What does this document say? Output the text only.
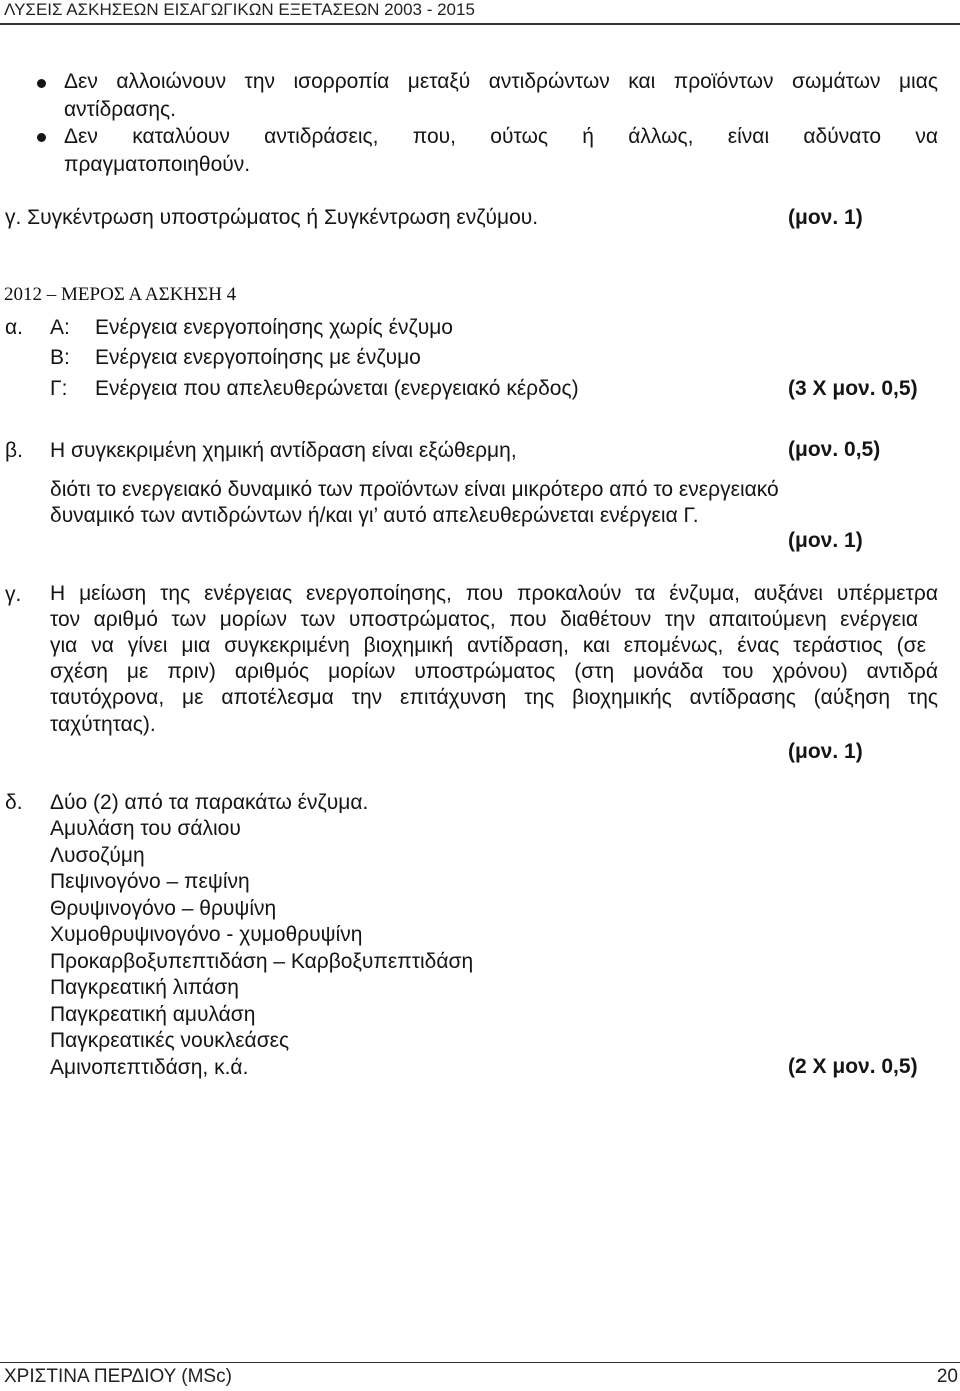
ΛΥΣΕΙΣ ΑΣΚΗΣΕΩΝ ΕΙΣΑΓΩΓΙΚΩΝ ΕΞΕΤΑΣΕΩΝ 2003 - 2015
Δεν αλλοιώνουν την ισορροπία μεταξύ αντιδρώντων και προϊόντων σωμάτων μιας
αντίδρασης.
Δεν καταλύουν αντιδράσεις, που, ούτως ή άλλως, είναι αδύνατο να
πραγματοποιηθούν.
γ. Συγκέντρωση υποστρώματος ή Συγκέντρωση ενζύμου.	(μον. 1)
2012 – ΜΕΡΟΣ Α ΑΣΚΗΣΗ 4
α. Α: Ενέργεια ενεργοποίησης χωρίς ένζυμο
Β: Ενέργεια ενεργοποίησης με ένζυμο
Γ: Ενέργεια που απελευθερώνεται (ενεργειακό κέρδος)	(3 Χ μον. 0,5)
β. Η συγκεκριμένη χημική αντίδραση είναι εξώθερμη,	(μον. 0,5)
διότι το ενεργειακό δυναμικό των προϊόντων είναι μικρότερο από το ενεργειακό
δυναμικό των αντιδρώντων ή/και γι’ αυτό απελευθερώνεται ενέργεια Γ.
(μον. 1)
γ. Η μείωση της ενέργειας ενεργοποίησης, που προκαλούν τα ένζυμα, αυξάνει υπέρμετρα
τον αριθμό των μορίων των υποστρώματος, που διαθέτουν την απαιτούμενη ενέργεια
για να γίνει μια συγκεκριμένη βιοχημική αντίδραση, και επομένως, ένας τεράστιος (σε
σχέση με πριν) αριθμός μορίων υποστρώματος (στη μονάδα του χρόνου) αντιδρά
ταυτόχρονα, με αποτέλεσμα την επιτάχυνση της βιοχημικής αντίδρασης (αύξηση της
ταχύτητας).
(μον. 1)
δ. Δύο (2) από τα παρακάτω ένζυμα.
Αμυλάση του σάλιου
Λυσοζύμη
Πεψινογόνο – πεψίνη
Θρυψινογόνο – θρυψίνη
Χυμοθρυψινογόνο - χυμοθρυψίνη
Προκαρβοξυπεπτιδάση – Καρβοξυπεπτιδάση
Παγκρεατική λιπάση
Παγκρεατική αμυλάση
Παγκρεατικές νουκλεάσες
Αμινοπεπτιδάση, κ.ά.	(2 Χ μον. 0,5)
ΧΡΙΣΤΙΝΑ ΠΕΡΔΙΟΥ (MSc)	20
